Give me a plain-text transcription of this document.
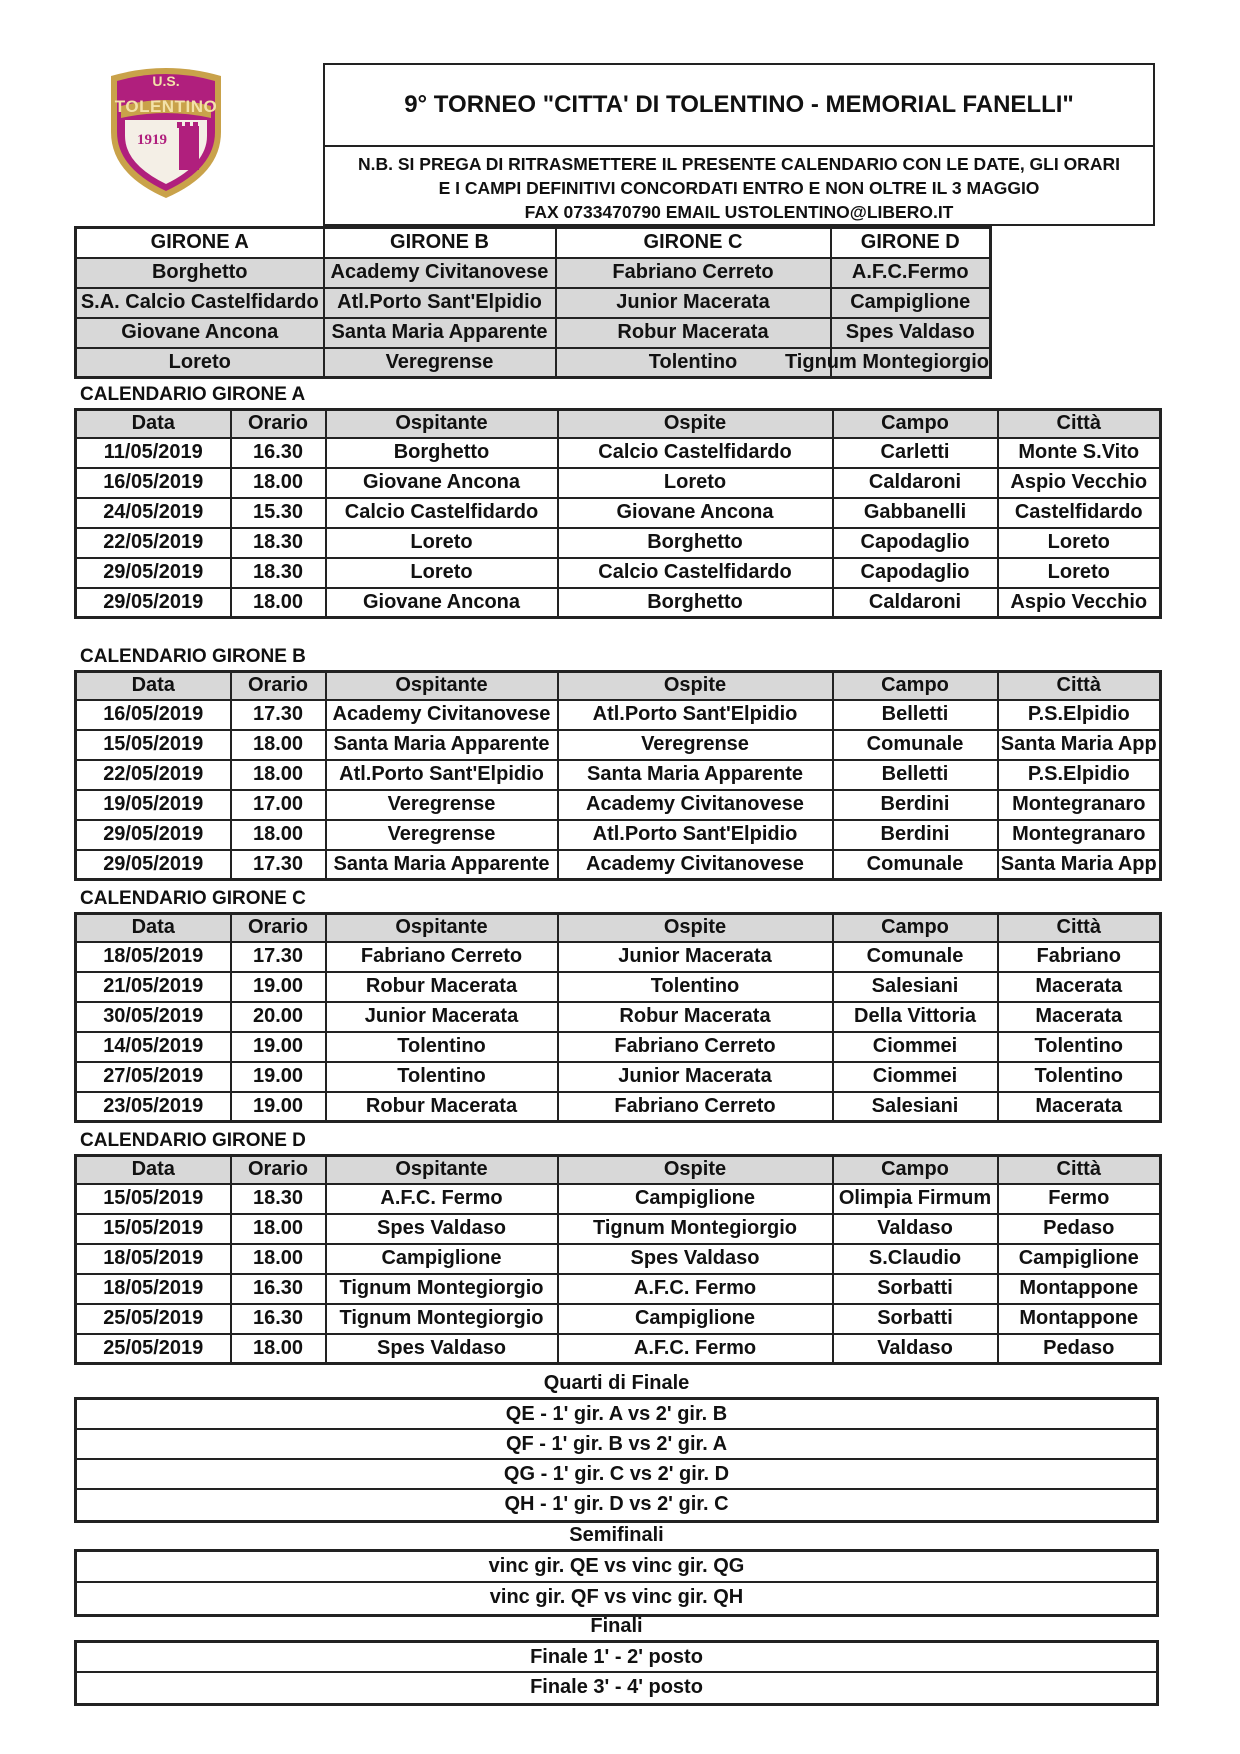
U.S.
TOLENTINO
1919
9° TORNEO "CITTA' DI TOLENTINO - MEMORIAL FANELLI"
N.B. SI PREGA DI RITRASMETTERE IL PRESENTE CALENDARIO CON LE DATE, GLI ORARI
E I CAMPI DEFINITIVI CONCORDATI ENTRO E NON OLTRE IL 3 MAGGIO
FAX 0733470790 EMAIL USTOLENTINO@LIBERO.IT
GIRONE A	GIRONE B	GIRONE C	GIRONE D
Borghetto	Academy Civitanovese	Fabriano Cerreto	A.F.C.Fermo
S.A. Calcio Castelfidardo	Atl.Porto Sant'Elpidio	Junior Macerata	Campiglione
Giovane Ancona	Santa Maria Apparente	Robur Macerata	Spes Valdaso
Loreto	Veregrense	Tolentino	Tignum Montegiorgio
CALENDARIO GIRONE A
Data	Orario	Ospitante	Ospite	Campo	Città
11/05/2019	16.30	Borghetto	Calcio Castelfidardo	Carletti	Monte S.Vito
16/05/2019	18.00	Giovane Ancona	Loreto	Caldaroni	Aspio Vecchio
24/05/2019	15.30	Calcio Castelfidardo	Giovane Ancona	Gabbanelli	Castelfidardo
22/05/2019	18.30	Loreto	Borghetto	Capodaglio	Loreto
29/05/2019	18.30	Loreto	Calcio Castelfidardo	Capodaglio	Loreto
29/05/2019	18.00	Giovane Ancona	Borghetto	Caldaroni	Aspio Vecchio
CALENDARIO GIRONE B
Data	Orario	Ospitante	Ospite	Campo	Città
16/05/2019	17.30	Academy Civitanovese	Atl.Porto Sant'Elpidio	Belletti	P.S.Elpidio
15/05/2019	18.00	Santa Maria Apparente	Veregrense	Comunale	Santa Maria App
22/05/2019	18.00	Atl.Porto Sant'Elpidio	Santa Maria Apparente	Belletti	P.S.Elpidio
19/05/2019	17.00	Veregrense	Academy Civitanovese	Berdini	Montegranaro
29/05/2019	18.00	Veregrense	Atl.Porto Sant'Elpidio	Berdini	Montegranaro
29/05/2019	17.30	Santa Maria Apparente	Academy Civitanovese	Comunale	Santa Maria App
CALENDARIO GIRONE C
Data	Orario	Ospitante	Ospite	Campo	Città
18/05/2019	17.30	Fabriano Cerreto	Junior Macerata	Comunale	Fabriano
21/05/2019	19.00	Robur Macerata	Tolentino	Salesiani	Macerata
30/05/2019	20.00	Junior Macerata	Robur Macerata	Della Vittoria	Macerata
14/05/2019	19.00	Tolentino	Fabriano Cerreto	Ciommei	Tolentino
27/05/2019	19.00	Tolentino	Junior Macerata	Ciommei	Tolentino
23/05/2019	19.00	Robur Macerata	Fabriano Cerreto	Salesiani	Macerata
CALENDARIO GIRONE D
Data	Orario	Ospitante	Ospite	Campo	Città
15/05/2019	18.30	A.F.C. Fermo	Campiglione	Olimpia Firmum	Fermo
15/05/2019	18.00	Spes Valdaso	Tignum Montegiorgio	Valdaso	Pedaso
18/05/2019	18.00	Campiglione	Spes Valdaso	S.Claudio	Campiglione
18/05/2019	16.30	Tignum Montegiorgio	A.F.C. Fermo	Sorbatti	Montappone
25/05/2019	16.30	Tignum Montegiorgio	Campiglione	Sorbatti	Montappone
25/05/2019	18.00	Spes Valdaso	A.F.C. Fermo	Valdaso	Pedaso
Quarti di Finale
QE - 1' gir. A vs 2' gir. B
QF - 1' gir. B vs 2' gir. A
QG - 1' gir. C vs 2' gir. D
QH - 1' gir. D vs 2' gir. C
Semifinali
vinc gir. QE vs vinc gir. QG
vinc gir. QF vs vinc gir. QH
Finali
Finale 1' - 2' posto
Finale 3' - 4' posto
